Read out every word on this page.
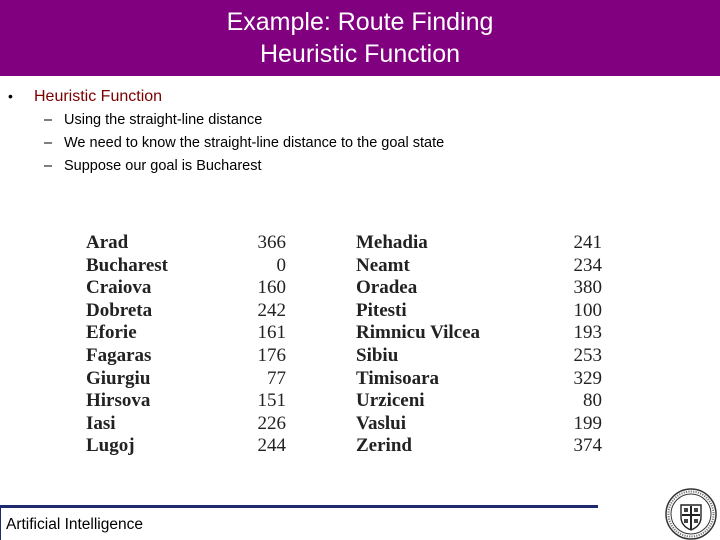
Example: Route Finding
Heuristic Function
•	Heuristic Function
– Using the straight-line distance
– We need to know the straight-line distance to the goal state
– Suppose our goal is Bucharest
Arad
Bucharest
Craiova
Dobreta
Eforie
Fagaras
Giurgiu
Hirsova
Iasi
Lugoj
366
0
160
242
161
176
77
151
226
244
Mehadia
Neamt
Oradea
Pitesti
Rimnicu Vilcea
Sibiu
Timisoara
Urziceni
Vaslui
Zerind
241
234
380
100
193
253
329
80
199
374
Artificial Intelligence
